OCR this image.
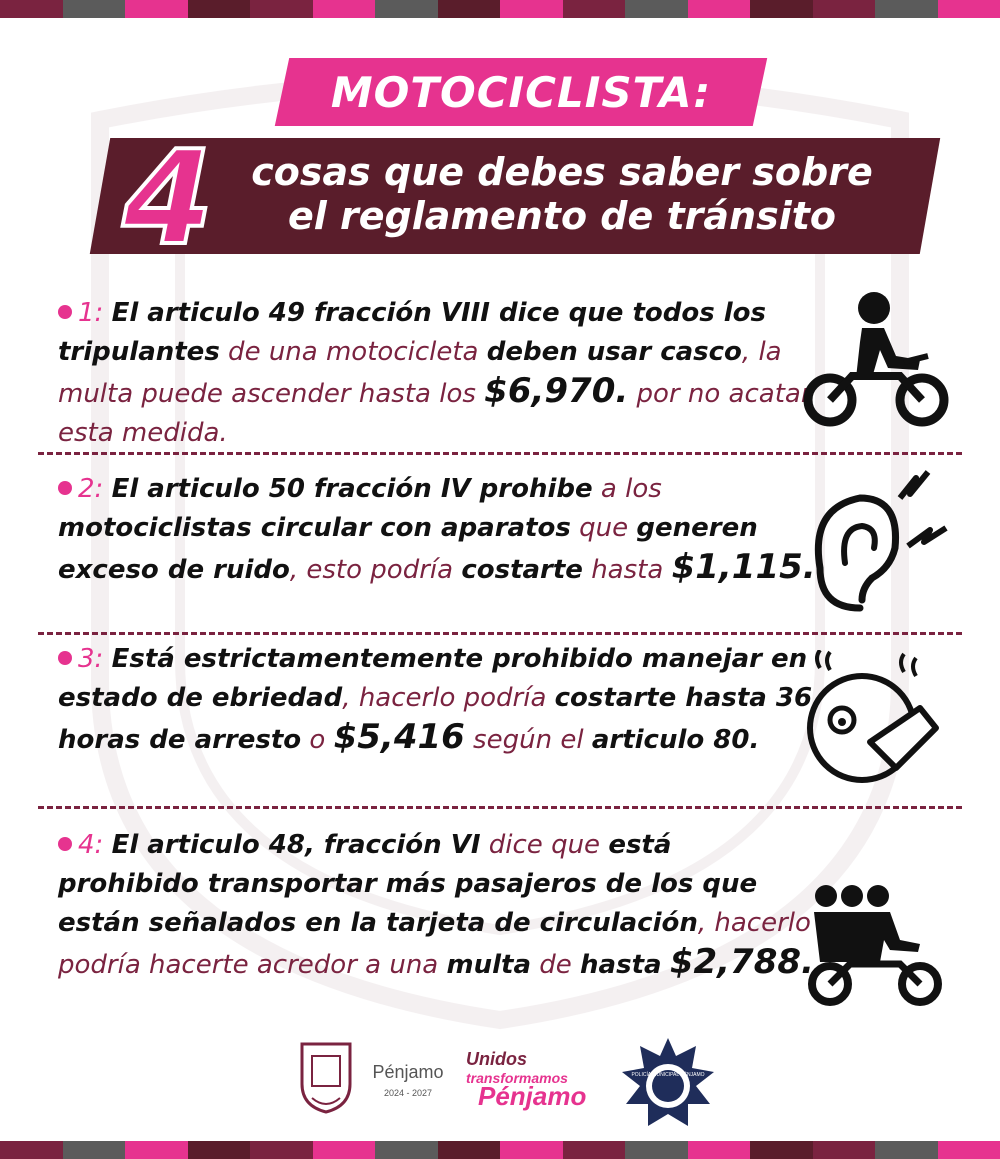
MOTOCICLISTA:
4	cosas que debes saber sobre
el reglamento de tránsito
1: El articulo 49 fracción VIII dice que todos los tripulantes de una motocicleta deben usar casco, la multa puede ascender hasta los $6,970. por no acatar esta medida.
2: El articulo 50 fracción IV prohibe a los motociclistas circular con aparatos que generen exceso de ruido, esto podría costarte hasta $1,115.
3: Está estrictamentemente prohibido manejar en estado de ebriedad, hacerlo podría costarte hasta 36 horas de arresto o $5,416 según el articulo 80.
4: El articulo 48, fracción VI dice que está prohibido transportar más pasajeros de los que están señalados en la tarjeta de circulación, hacerlo podría hacerte acredor a una multa de hasta $2,788.
Pénjamo
2024 - 2027
Unidos
transformamos
Pénjamo
POLICÍA MUNICIPAL PÉNJAMO
